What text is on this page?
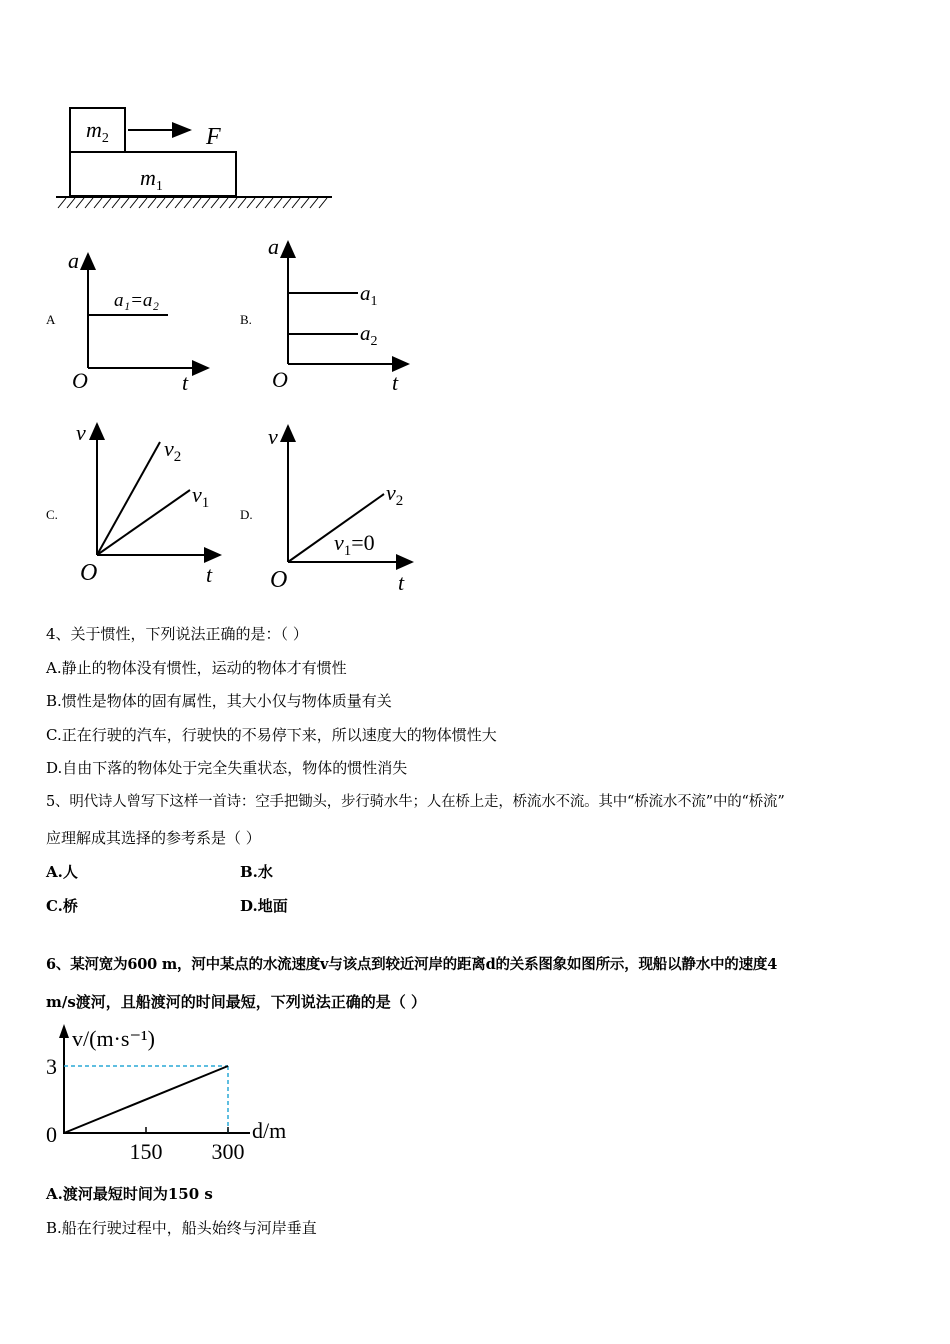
$m_2$
$m_1$
F
A
a
t
O
a₁=a₂
B.
a
t
O
$a_1$
$a_2$
C.
v
t
O
$v_2$
$v_1$
D.
v
t
O
$v_2$
$v_1=0$
4、关于惯性，下列说法正确的是：（ ）
A.静止的物体没有惯性，运动的物体才有惯性
B.惯性是物体的固有属性，其大小仅与物体质量有关
C.正在行驶的汽车，行驶快的不易停下来，所以速度大的物体惯性大
D.自由下落的物体处于完全失重状态，物体的惯性消失
5、明代诗人曾写下这样一首诗：空手把锄头，步行骑水牛；人在桥上走，桥流水不流。其中“桥流水不流”中的“桥流”
应理解成其选择的参考系是（ ）
A.人	B.水
C.桥	D.地面
6、某河宽为600 m，河中某点的水流速度v与该点到较近河岸的距离d的关系图象如图所示，现船以静水中的速度4
m/s渡河，且船渡河的时间最短，下列说法正确的是（ ）
v/(m·s⁻¹)
d/m
150 300
3
0
A.渡河最短时间为150 s
B.船在行驶过程中，船头始终与河岸垂直
